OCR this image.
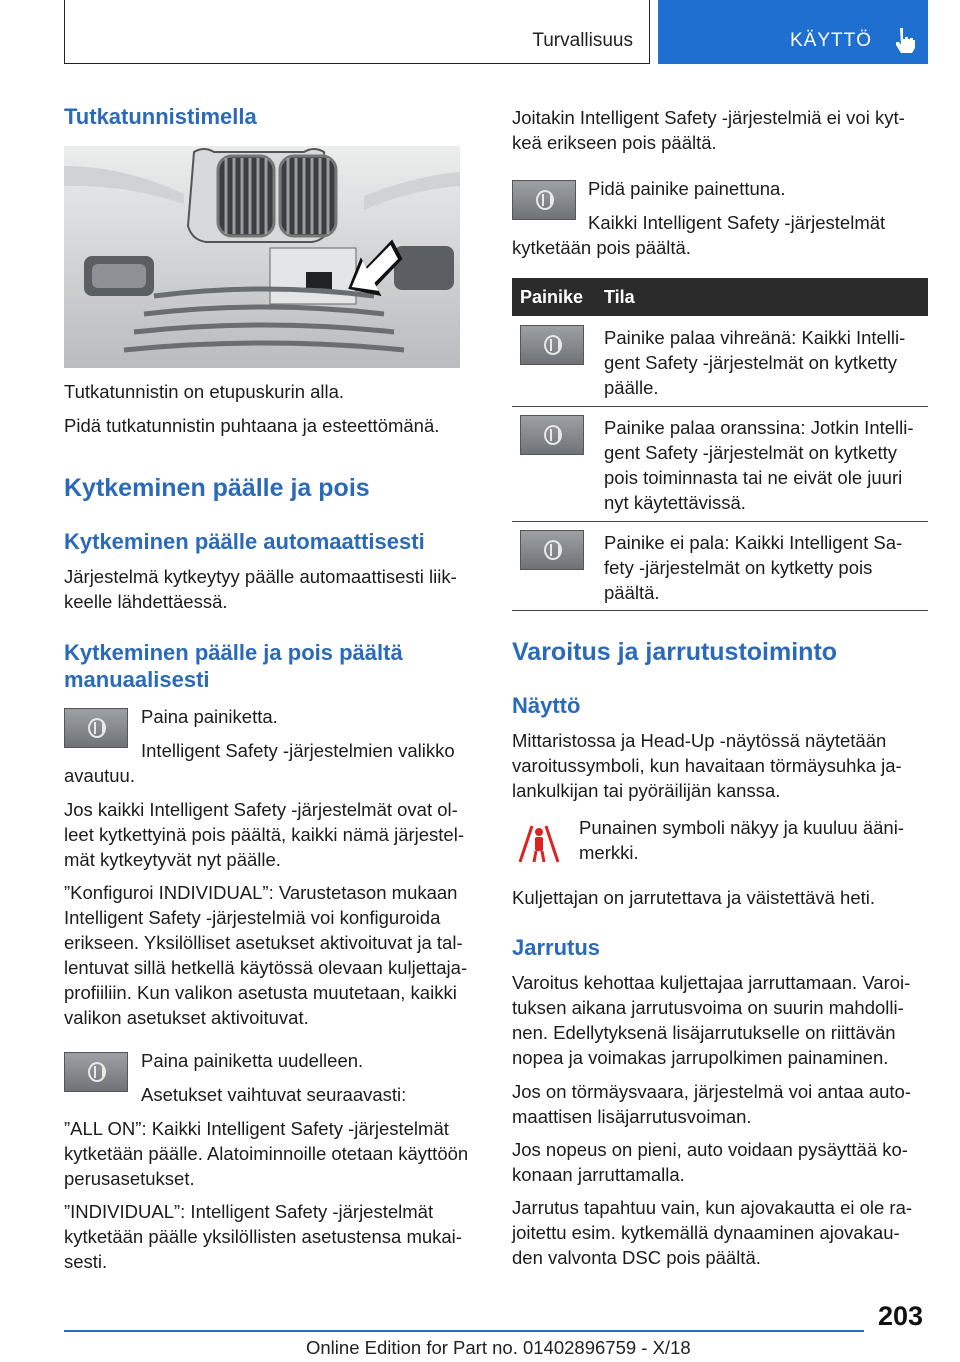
Turvallisuus	KÄYTTÖ
Tutkatunnistimella
Tutkatunnistin on etupuskurin alla.
Pidä tutkatunnistin puhtaana ja esteettömänä.
Kytkeminen päälle ja pois
Kytkeminen päälle automaattisesti
Järjestelmä kytkeytyy päälle automaattisesti liik-
keelle lähdettäessä.
Kytkeminen päälle ja pois päältä
manuaalisesti
Paina painiketta.
Intelligent Safety -järjestelmien valikko
avautuu.
Jos kaikki Intelligent Safety -järjestelmät ovat ol-
leet kytkettyinä pois päältä, kaikki nämä järjestel-
mät kytkeytyvät nyt päälle.
”Konfiguroi INDIVIDUAL”: Varustetason mukaan
Intelligent Safety -järjestelmiä voi konfiguroida
erikseen. Yksilölliset asetukset aktivoituvat ja tal-
lentuvat sillä hetkellä käytössä olevaan kuljettaja-
profiiliin. Kun valikon asetusta muutetaan, kaikki
valikon asetukset aktivoituvat.
Paina painiketta uudelleen.
Asetukset vaihtuvat seuraavasti:
”ALL ON”: Kaikki Intelligent Safety -järjestelmät
kytketään päälle. Alatoiminnoille otetaan käyttöön
perusasetukset.
”INDIVIDUAL”: Intelligent Safety -järjestelmät
kytketään päälle yksilöllisten asetustensa mukai-
sesti.
Joitakin Intelligent Safety -järjestelmiä ei voi kyt-
keä erikseen pois päältä.
Pidä painike painettuna.
Kaikki Intelligent Safety -järjestelmät
kytketään pois päältä.
Painike Tila
Painike palaa vihreänä: Kaikki Intelli-
gent Safety -järjestelmät on kytketty
päälle.
Painike palaa oranssina: Jotkin Intelli-
gent Safety -järjestelmät on kytketty
pois toiminnasta tai ne eivät ole juuri
nyt käytettävissä.
Painike ei pala: Kaikki Intelligent Sa-
fety -järjestelmät on kytketty pois
päältä.
Varoitus ja jarrutustoiminto
Näyttö
Mittaristossa ja Head-Up -näytössä näytetään
varoitussymboli, kun havaitaan törmäysuhka ja-
lankulkijan tai pyöräilijän kanssa.
Punainen symboli näkyy ja kuuluu ääni-
merkki.
Kuljettajan on jarrutettava ja väistettävä heti.
Jarrutus
Varoitus kehottaa kuljettajaa jarruttamaan. Varoi-
tuksen aikana jarrutusvoima on suurin mahdolli-
nen. Edellytyksenä lisäjarrutukselle on riittävän
nopea ja voimakas jarrupolkimen painaminen.
Jos on törmäysvaara, järjestelmä voi antaa auto-
maattisen lisäjarrutusvoiman.
Jos nopeus on pieni, auto voidaan pysäyttää ko-
konaan jarruttamalla.
Jarrutus tapahtuu vain, kun ajovakautta ei ole ra-
joitettu esim. kytkemällä dynaaminen ajovakau-
den valvonta DSC pois päältä.
203
Online Edition for Part no. 01402896759 - X/18
